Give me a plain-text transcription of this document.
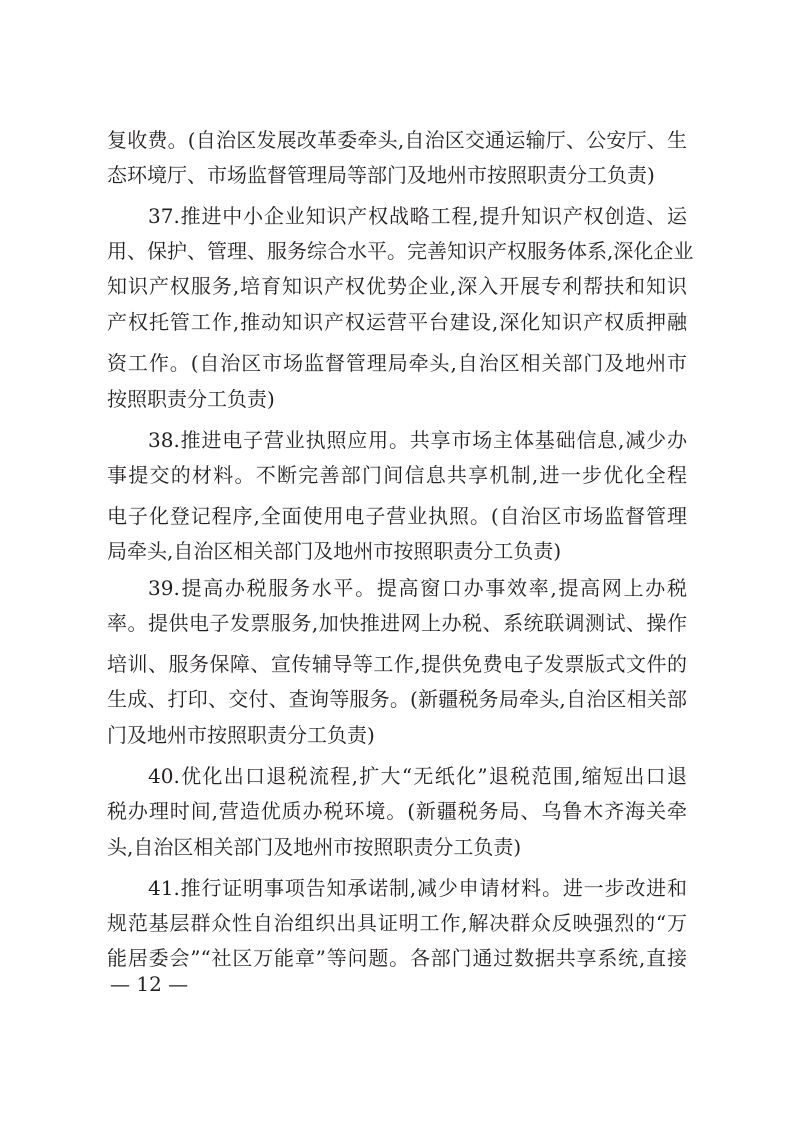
复收费。(自治区发展改革委牵头,自治区交通运输厅、公安厅、生
态环境厅、市场监督管理局等部门及地州市按照职责分工负责)
37.推进中小企业知识产权战略工程,提升知识产权创造、运
用、保护、管理、服务综合水平。完善知识产权服务体系,深化企业
知识产权服务,培育知识产权优势企业,深入开展专利帮扶和知识
产权托管工作,推动知识产权运营平台建设,深化知识产权质押融
资工作。(自治区市场监督管理局牵头,自治区相关部门及地州市
按照职责分工负责)
38.推进电子营业执照应用。共享市场主体基础信息,减少办
事提交的材料。不断完善部门间信息共享机制,进一步优化全程
电子化登记程序,全面使用电子营业执照。(自治区市场监督管理
局牵头,自治区相关部门及地州市按照职责分工负责)
39.提高办税服务水平。提高窗口办事效率,提高网上办税
率。提供电子发票服务,加快推进网上办税、系统联调测试、操作
培训、服务保障、宣传辅导等工作,提供免费电子发票版式文件的
生成、打印、交付、查询等服务。(新疆税务局牵头,自治区相关部
门及地州市按照职责分工负责)
40.优化出口退税流程,扩大“无纸化”退税范围,缩短出口退
税办理时间,营造优质办税环境。(新疆税务局、乌鲁木齐海关牵
头,自治区相关部门及地州市按照职责分工负责)
41.推行证明事项告知承诺制,减少申请材料。进一步改进和
规范基层群众性自治组织出具证明工作,解决群众反映强烈的“万
能居委会”“社区万能章”等问题。各部门通过数据共享系统,直接
— 12 —
